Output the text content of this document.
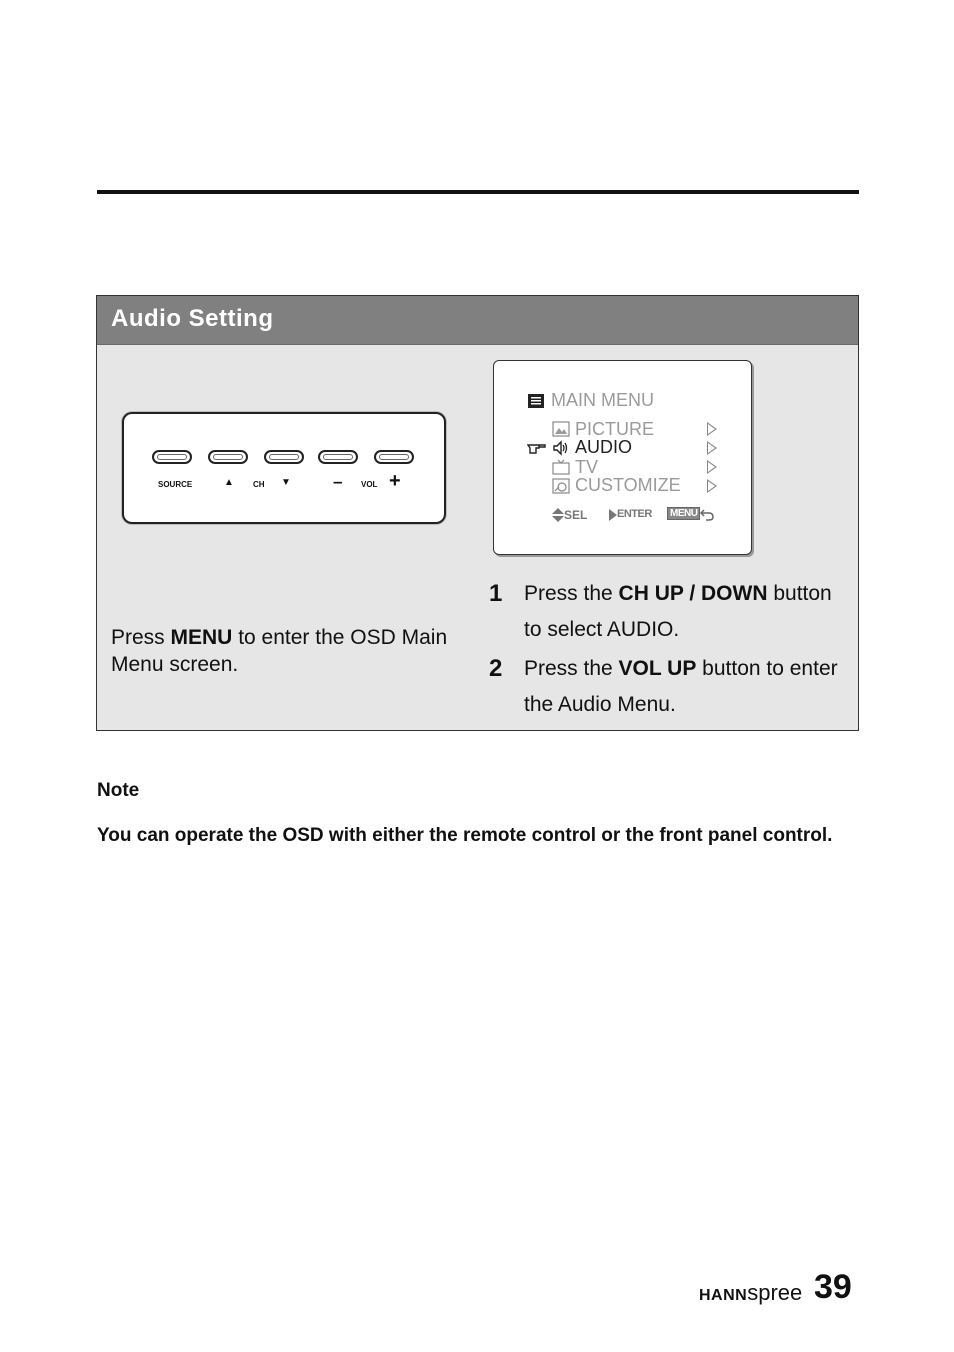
Audio Setting
SOURCE	▲ CH ▼ – VOL +
MAIN MENU
PICTURE
AUDIO
TV
CUSTOMIZE
SEL	ENTER	MENU
Press MENU to enter the OSD Main Menu screen.
1 Press the CH UP / DOWN button to select AUDIO.
2 Press the VOL UP button to enter the Audio Menu.
Note
You can operate the OSD with either the remote control or the front panel control.
HANNspree 39
